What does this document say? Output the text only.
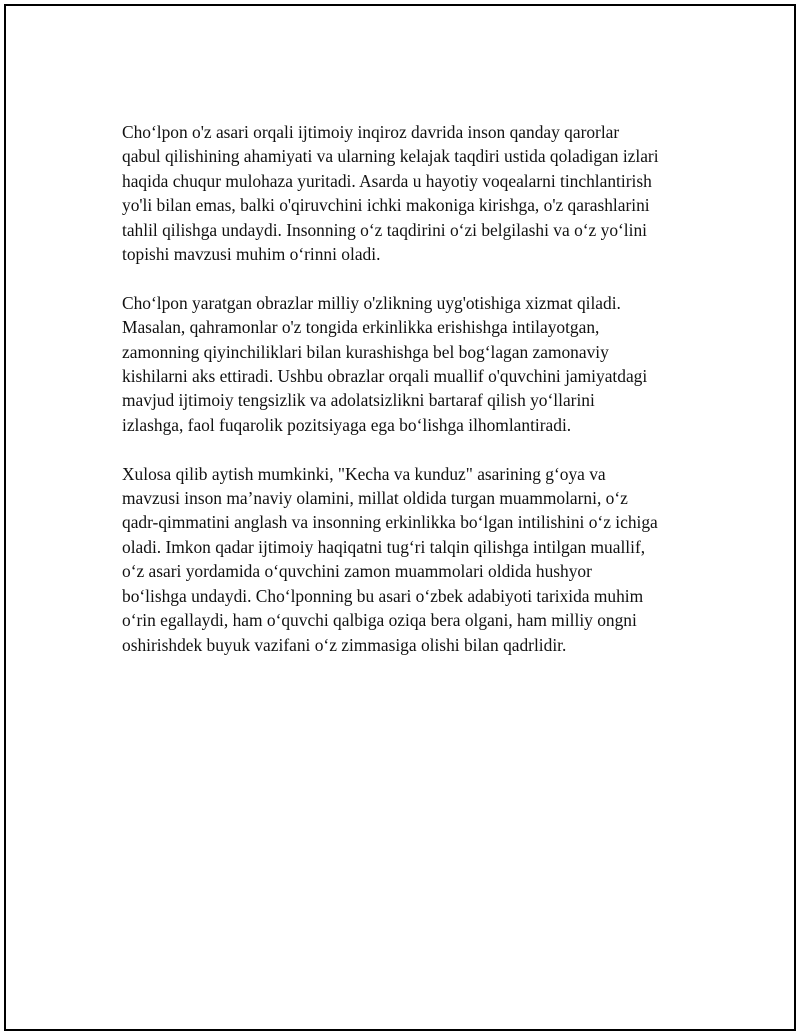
Cho‘lpon o'z asari orqali ijtimoiy inqiroz davrida inson qanday qarorlar
qabul qilishining ahamiyati va ularning kelajak taqdiri ustida qoladigan izlari
haqida chuqur mulohaza yuritadi. Asarda u hayotiy voqealarni tinchlantirish
yo'li bilan emas, balki o'qiruvchini ichki makoniga kirishga, o'z qarashlarini
tahlil qilishga undaydi. Insonning o‘z taqdirini o‘zi belgilashi va o‘z yo‘lini
topishi mavzusi muhim o‘rinni oladi.

Cho‘lpon yaratgan obrazlar milliy o'zlikning uyg'otishiga xizmat qiladi.
Masalan, qahramonlar o'z tongida erkinlikka erishishga intilayotgan,
zamonning qiyinchiliklari bilan kurashishga bel bog‘lagan zamonaviy
kishilarni aks ettiradi. Ushbu obrazlar orqali muallif o'quvchini jamiyatdagi
mavjud ijtimoiy tengsizlik va adolatsizlikni bartaraf qilish yo‘llarini
izlashga, faol fuqarolik pozitsiyaga ega bo‘lishga ilhomlantiradi.

Xulosa qilib aytish mumkinki, "Kecha va kunduz" asarining g‘oya va
mavzusi inson ma’naviy olamini, millat oldida turgan muammolarni, o‘z
qadr-qimmatini anglash va insonning erkinlikka bo‘lgan intilishini o‘z ichiga
oladi. Imkon qadar ijtimoiy haqiqatni tug‘ri talqin qilishga intilgan muallif,
o‘z asari yordamida o‘quvchini zamon muammolari oldida hushyor
bo‘lishga undaydi. Cho‘lponning bu asari o‘zbek adabiyoti tarixida muhim
o‘rin egallaydi, ham o‘quvchi qalbiga oziqa bera olgani, ham milliy ongni
oshirishdek buyuk vazifani o‘z zimmasiga olishi bilan qadrlidir.
